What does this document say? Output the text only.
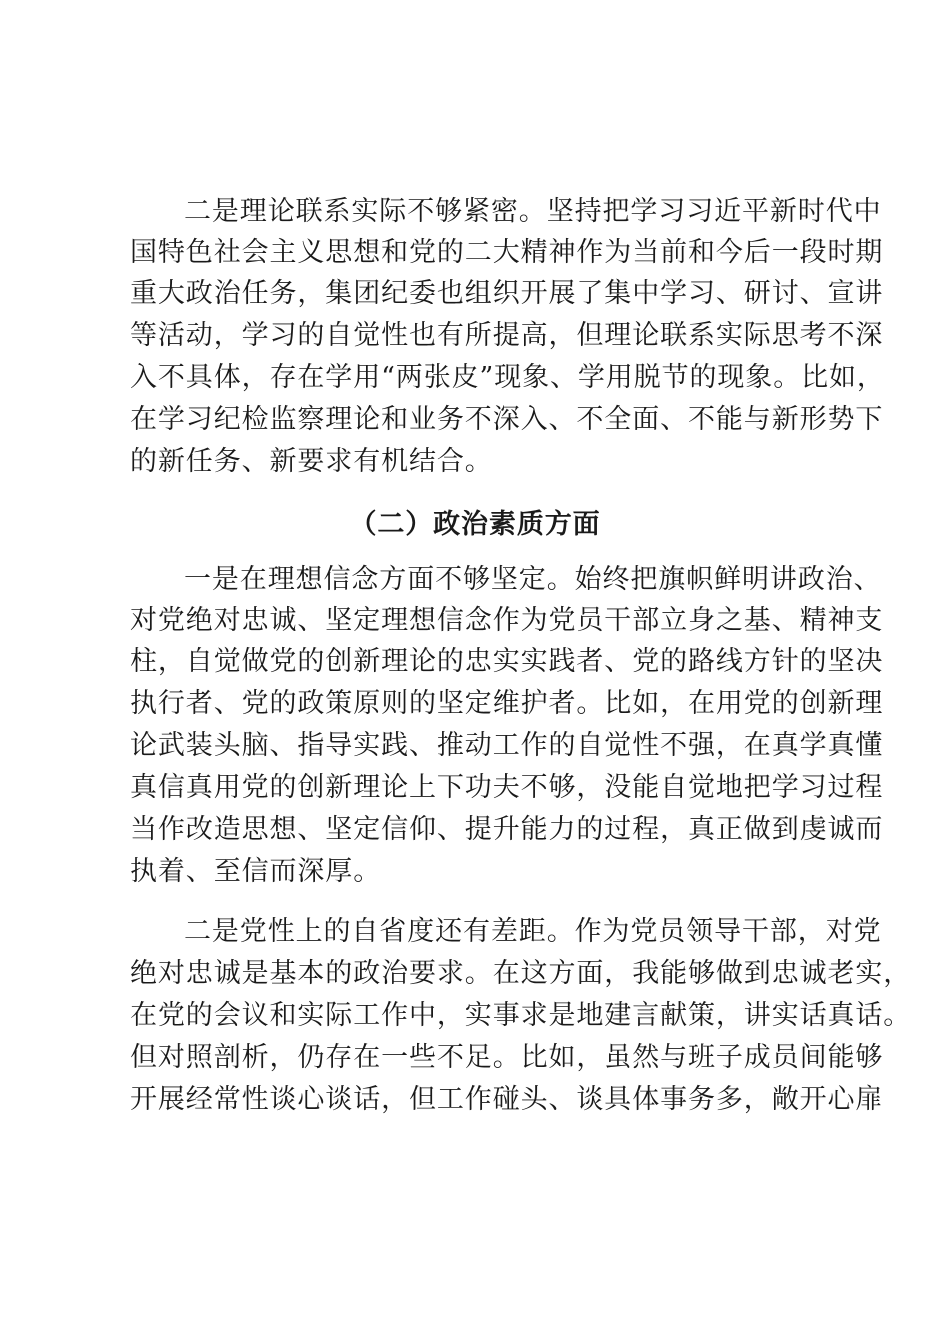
二是理论联系实际不够紧密。坚持把学习习近平新时代中
国特色社会主义思想和党的二大精神作为当前和今后一段时期
重大政治任务，集团纪委也组织开展了集中学习、研讨、宣讲
等活动，学习的自觉性也有所提高，但理论联系实际思考不深
入不具体，存在学用“两张皮”现象、学用脱节的现象。比如，
在学习纪检监察理论和业务不深入、不全面、不能与新形势下
的新任务、新要求有机结合。
（二）政治素质方面
一是在理想信念方面不够坚定。始终把旗帜鲜明讲政治、
对党绝对忠诚、坚定理想信念作为党员干部立身之基、精神支
柱，自觉做党的创新理论的忠实实践者、党的路线方针的坚决
执行者、党的政策原则的坚定维护者。比如，在用党的创新理
论武装头脑、指导实践、推动工作的自觉性不强，在真学真懂
真信真用党的创新理论上下功夫不够，没能自觉地把学习过程
当作改造思想、坚定信仰、提升能力的过程，真正做到虔诚而
执着、至信而深厚。
二是党性上的自省度还有差距。作为党员领导干部，对党
绝对忠诚是基本的政治要求。在这方面，我能够做到忠诚老实，
在党的会议和实际工作中，实事求是地建言献策，讲实话真话。
但对照剖析，仍存在一些不足。比如，虽然与班子成员间能够
开展经常性谈心谈话，但工作碰头、谈具体事务多，敞开心扉
